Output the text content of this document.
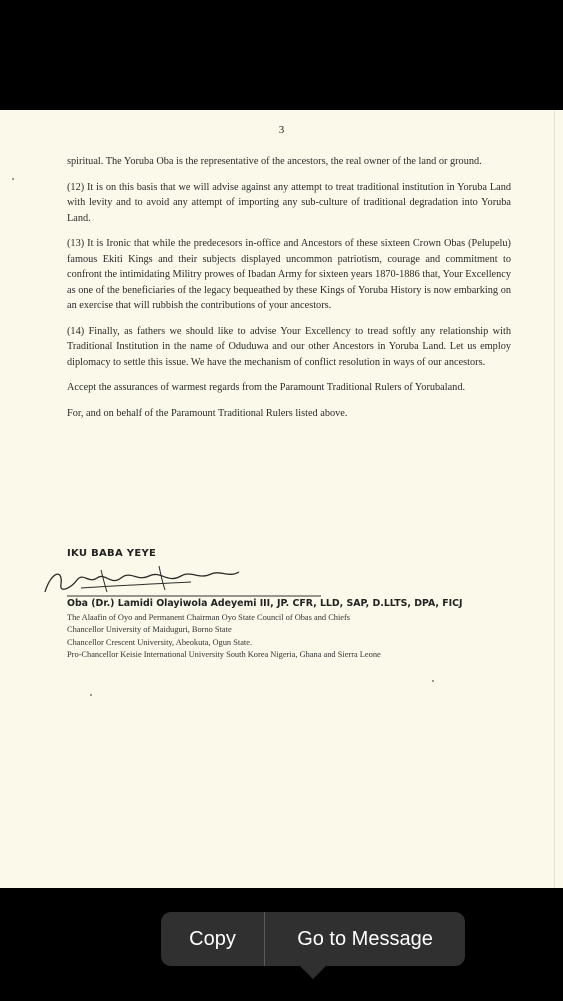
3

spiritual. The Yoruba Oba is the representative of the ancestors, the real owner of the land or ground.

(12) It is on this basis that we will advise against any attempt to treat traditional institution in Yoruba Land with levity and to avoid any attempt of importing any sub-culture of traditional degradation into Yoruba Land.

(13) It is Ironic that while the predecesors in-office and Ancestors of these sixteen Crown Obas (Pelupelu) famous Ekiti Kings and their subjects displayed uncommon patriotism, courage and commitment to confront the intimidating Militry prowes of Ibadan Army for sixteen years 1870-1886 that, Your Excellency as one of the beneficiaries of the legacy bequeathed by these Kings of Yoruba History is now embarking on an exercise that will rubbish the contributions of your ancestors.

(14) Finally, as fathers we should like to advise Your Excellency to tread softly any relationship with Traditional Institution in the name of Oduduwa and our other Ancestors in Yoruba Land. Let us employ diplomacy to settle this issue. We have the mechanism of conflict resolution in ways of our ancestors.

Accept the assurances of warmest regards from the Paramount Traditional Rulers of Yorubaland.

For, and on behalf of the Paramount Traditional Rulers listed above.

IKU BABA YEYE
Oba (Dr.) Lamidi Olayiwola Adeyemi III, JP. CFR, LLD, SAP, D.LLTS, DPA, FICJ
The Alaafin of Oyo and Permanent Chairman Oyo State Council of Obas and Chiefs
Chancellor University of Maiduguri, Borno State
Chancellor Crescent University, Abeokuta, Ogun State.
Pro-Chancellor Keisie International University South Korea Nigeria, Ghana and Sierra Leone
Copy	Go to Message
